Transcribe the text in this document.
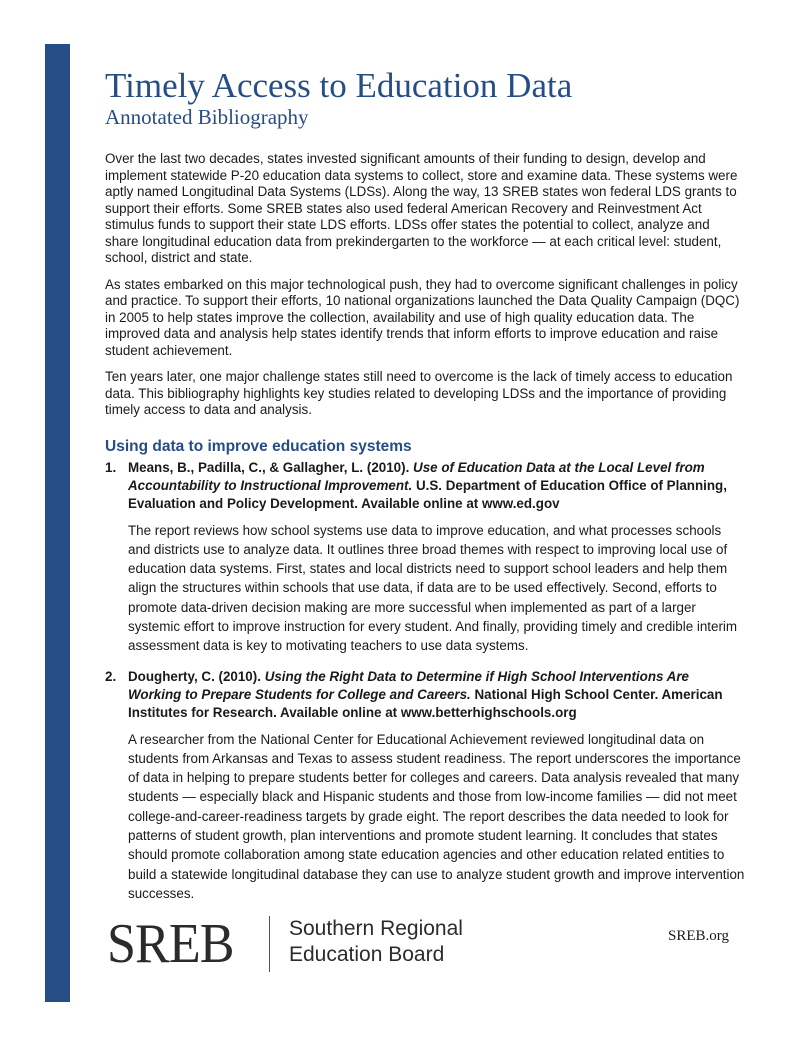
Timely Access to Education Data
Annotated Bibliography

Over the last two decades, states invested significant amounts of their funding to design, develop and implement statewide P-20 education data systems to collect, store and examine data. These systems were aptly named Longitudinal Data Systems (LDSs). Along the way, 13 SREB states won federal LDS grants to support their efforts. Some SREB states also used federal American Recovery and Reinvestment Act stimulus funds to support their state LDS efforts. LDSs offer states the potential to collect, analyze and share longitudinal education data from prekindergarten to the workforce — at each critical level: student, school, district and state.

As states embarked on this major technological push, they had to overcome significant challenges in policy and practice. To support their efforts, 10 national organizations launched the Data Quality Campaign (DQC) in 2005 to help states improve the collection, availability and use of high quality education data. The improved data and analysis help states identify trends that inform efforts to improve education and raise student achievement.

Ten years later, one major challenge states still need to overcome is the lack of timely access to education data. This bibliography highlights key studies related to developing LDSs and the importance of providing timely access to data and analysis.

Using data to improve education systems
1. Means, B., Padilla, C., & Gallagher, L. (2010). Use of Education Data at the Local Level from Accountability to Instructional Improvement. U.S. Department of Education Office of Planning, Evaluation and Policy Development. Available online at www.ed.gov

The report reviews how school systems use data to improve education, and what processes schools and districts use to analyze data. It outlines three broad themes with respect to improving local use of education data systems. First, states and local districts need to support school leaders and help them align the structures within schools that use data, if data are to be used effectively. Second, efforts to promote data-driven decision making are more successful when implemented as part of a larger systemic effort to improve instruction for every student. And finally, providing timely and credible interim assessment data is key to motivating teachers to use data systems.

2. Dougherty, C. (2010). Using the Right Data to Determine if High School Interventions Are Working to Prepare Students for College and Careers. National High School Center. American Institutes for Research. Available online at www.betterhighschools.org

A researcher from the National Center for Educational Achievement reviewed longitudinal data on students from Arkansas and Texas to assess student readiness. The report underscores the importance of data in helping to prepare students better for colleges and careers. Data analysis revealed that many students — especially black and Hispanic students and those from low-income families — did not meet college-and-career-readiness targets by grade eight. The report describes the data needed to look for patterns of student growth, plan interventions and promote student learning. It concludes that states should promote collaboration among state education agencies and other education related entities to build a statewide longitudinal database they can use to analyze student growth and improve intervention successes.

SREB	Southern Regional
Education Board
SREB.org
